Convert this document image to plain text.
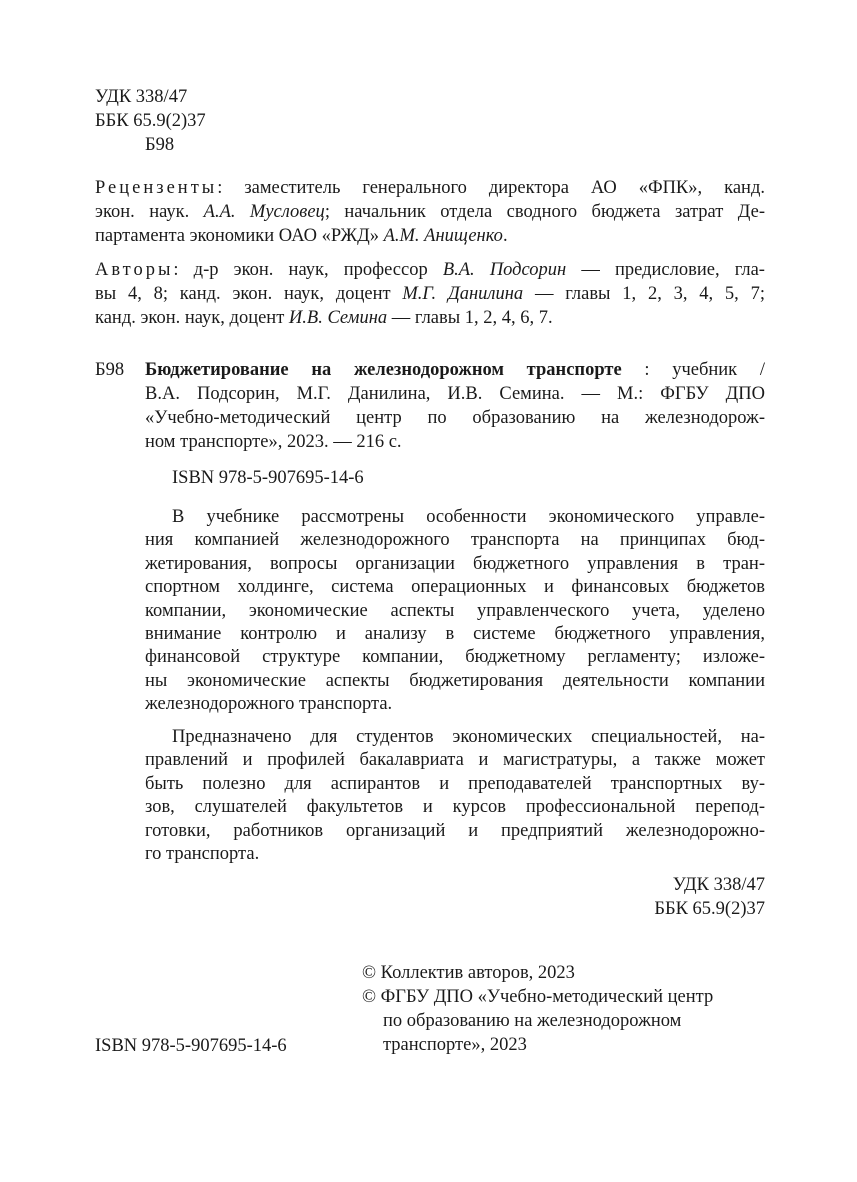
УДК 338/47
ББК 65.9(2)37
Б98
Рецензенты: заместитель генерального директора АО «ФПК», канд.
экон. наук. А.А. Мусловец; начальник отдела сводного бюджета затрат Де-
партамента экономики ОАО «РЖД» А.М. Анищенко.
Авторы: д-р экон. наук, профессор В.А. Подсорин — предисловие, гла-
вы 4, 8; канд. экон. наук, доцент М.Г. Данилина — главы 1, 2, 3, 4, 5, 7;
канд. экон. наук, доцент И.В. Семина — главы 1, 2, 4, 6, 7.
Б98 Бюджетирование на железнодорожном транспорте : учебник /
В.А. Подсорин, М.Г. Данилина, И.В. Семина. — М.: ФГБУ ДПО
«Учебно-методический центр по образованию на железнодорож-
ном транспорте», 2023. — 216 с.
ISBN 978-5-907695-14-6
В учебнике рассмотрены особенности экономического управле-
ния компанией железнодорожного транспорта на принципах бюд-
жетирования, вопросы организации бюджетного управления в тран-
спортном холдинге, система операционных и финансовых бюджетов
компании, экономические аспекты управленческого учета, уделено
внимание контролю и анализу в системе бюджетного управления,
финансовой структуре компании, бюджетному регламенту; изложе-
ны экономические аспекты бюджетирования деятельности компании
железнодорожного транспорта.
Предназначено для студентов экономических специальностей, на-
правлений и профилей бакалавриата и магистратуры, а также может
быть полезно для аспирантов и преподавателей транспортных ву-
зов, слушателей факультетов и курсов профессиональной перепод-
готовки, работников организаций и предприятий железнодорожно-
го транспорта.
УДК 338/47
ББК 65.9(2)37
© Коллектив авторов, 2023
© ФГБУ ДПО «Учебно-методический центр
по образованию на железнодорожном
транспорте», 2023
ISBN 978-5-907695-14-6
